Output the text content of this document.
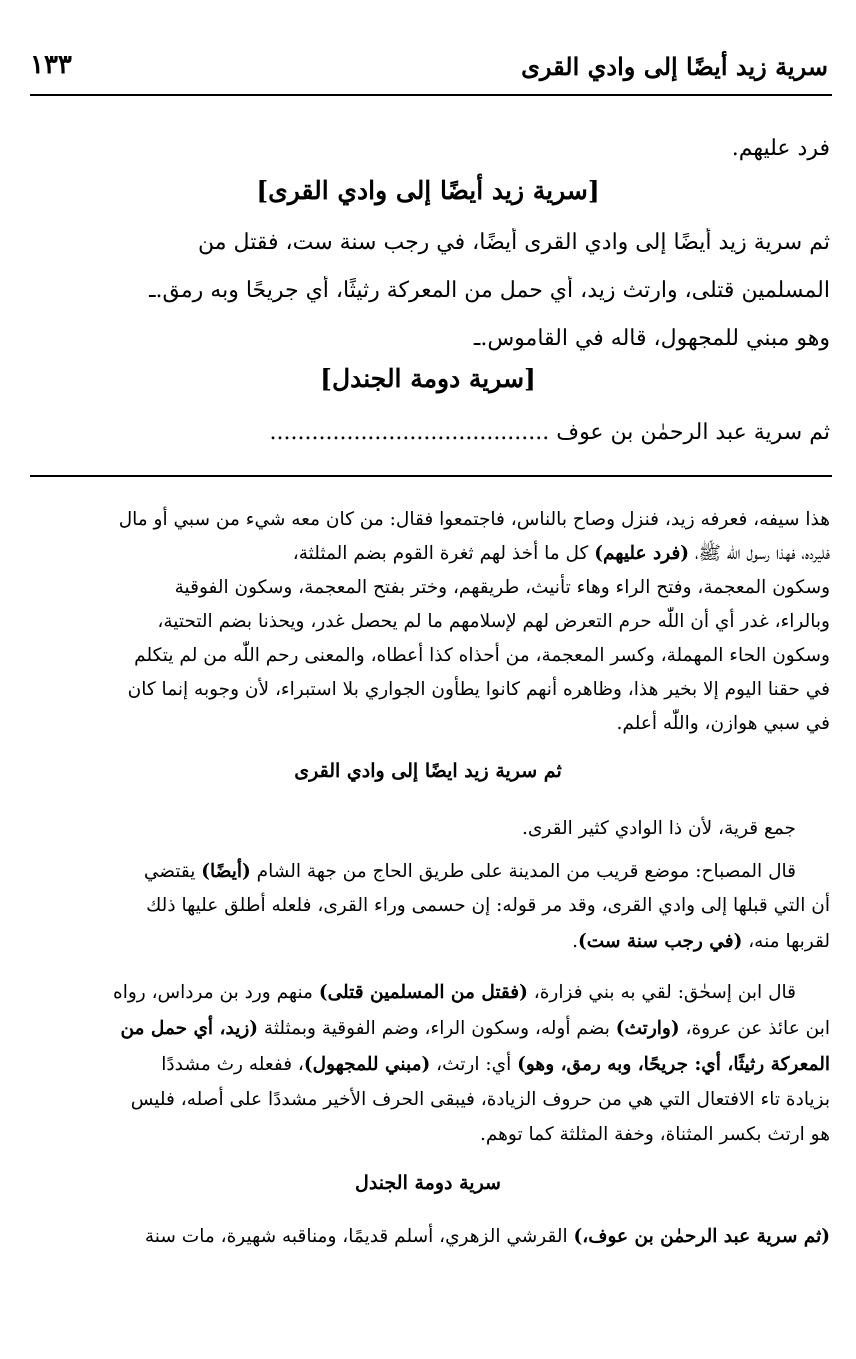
سرية زيد أيضًا إلى وادي القرى
١٣٣
فرد عليهم.
[سرية زيد أيضًا إلى وادي القرى]
ثم سرية زيد أيضًا إلى وادي القرى أيضًا، في رجب سنة ست، فقتل من
المسلمين قتلى، وارتث زيد، أي حمل من المعركة رثيثًا، أي جريحًا وبه رمق.ـ
وهو مبني للمجهول، قاله في القاموس.ـ
[سرية دومة الجندل]
ثم سرية عبد الرحمٰن بن عوف ........................................
هذا سيفه، فعرفه زيد، فنزل وصاح بالناس، فاجتمعوا فقال: من كان معه شيء من سبي أو مال
فليرده، فهذا رسول اللّٰه ﷺ، (فرد عليهم) كل ما أخذ لهم ثغرة القوم بضم المثلثة،
وسكون المعجمة، وفتح الراء وهاء تأنيث، طريقهم، وختر بفتح المعجمة، وسكون الفوقية
وبالراء، غدر أي أن اللّٰه حرم التعرض لهم لإسلامهم ما لم يحصل غدر، ويحذنا بضم التحتية،
وسكون الحاء المهملة، وكسر المعجمة، من أحذاه كذا أعطاه، والمعنى رحم اللّٰه من لم يتكلم
في حقنا اليوم إلا بخير هذا، وظاهره أنهم كانوا يطأون الجواري بلا استبراء، لأن وجوبه إنما كان
في سبي هوازن، واللّٰه أعلم.
ثم سرية زيد ايضًا إلى وادي القرى
جمع قرية، لأن ذا الوادي كثير القرى.
قال المصباح: موضع قريب من المدينة على طريق الحاج من جهة الشام (أيضًا) يقتضي
أن التي قبلها إلى وادي القرى، وقد مر قوله: إن حسمى وراء القرى، فلعله أطلق عليها ذلك
لقربها منه، (في رجب سنة ست).
قال ابن إسحٰق: لقي به بني فزارة، (فقتل من المسلمين قتلى) منهم ورد بن مرداس، رواه
ابن عائذ عن عروة، (وارتث) بضم أوله، وسكون الراء، وضم الفوقية وبمثلثة (زيد، أي حمل من
المعركة رثيثًا، أي: جريحًا، وبه رمق، وهو) أي: ارتث، (مبني للمجهول)، ففعله رث مشددًا
بزيادة تاء الافتعال التي هي من حروف الزيادة، فيبقى الحرف الأخير مشددًا على أصله، فليس
هو ارتث بكسر المثناة، وخفة المثلثة كما توهم.
سرية دومة الجندل
(ثم سرية عبد الرحمٰن بن عوف،) القرشي الزهري، أسلم قديمًا، ومناقبه شهيرة، مات سنة
